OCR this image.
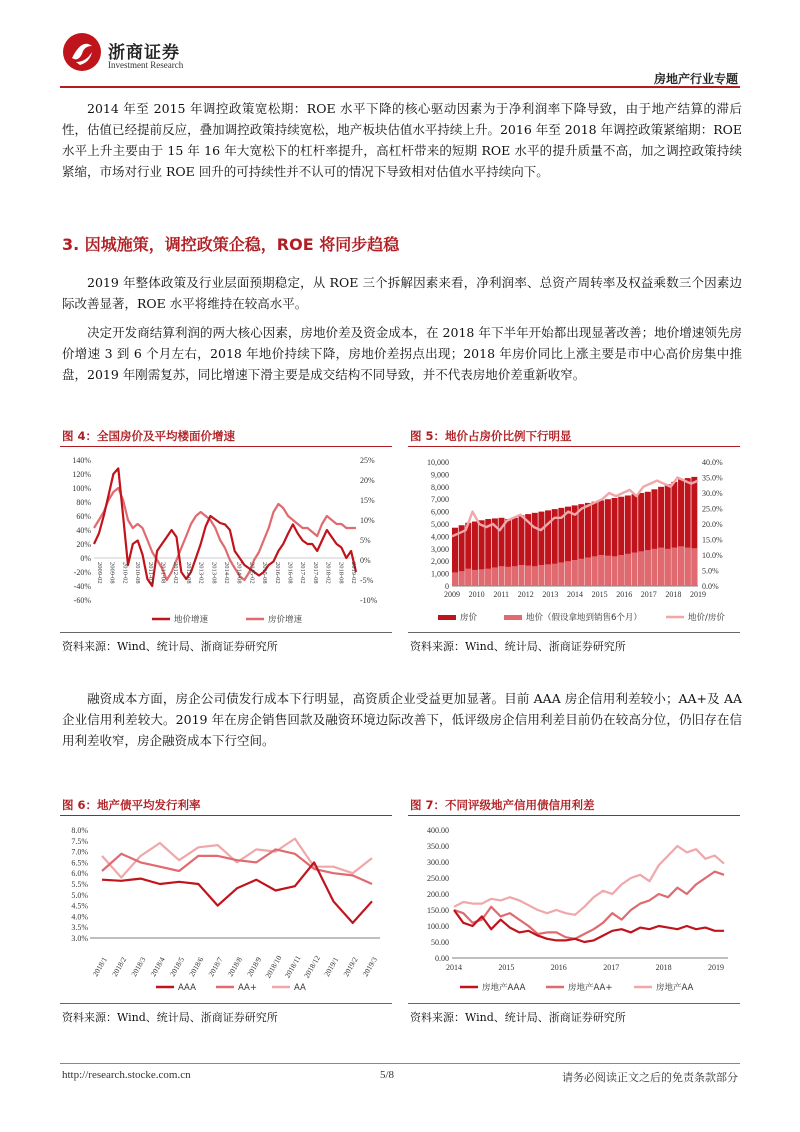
浙商证券
Investment Research
房地产行业专题
2014 年至 2015 年调控政策宽松期：ROE 水平下降的核心驱动因素为于净利润率下降导致，由于地产结算的滞后性，估值已经提前反应，叠加调控政策持续宽松，地产板块估值水平持续上升。2016 年至 2018 年调控政策紧缩期：ROE 水平上升主要由于 15 年 16 年大宽松下的杠杆率提升，高杠杆带来的短期 ROE 水平的提升质量不高，加之调控政策持续紧缩，市场对行业 ROE 回升的可持续性并不认可的情况下导致相对估值水平持续向下。
3. 因城施策，调控政策企稳，ROE 将同步趋稳
2019 年整体政策及行业层面预期稳定，从 ROE 三个拆解因素来看，净利润率、总资产周转率及权益乘数三个因素边际改善显著，ROE 水平将维持在较高水平。
决定开发商结算利润的两大核心因素，房地价差及资金成本，在 2018 年下半年开始都出现显著改善；地价增速领先房价增速 3 到 6 个月左右，2018 年地价持续下降，房地价差拐点出现；2018 年房价同比上涨主要是市中心高价房集中推盘，2019 年刚需复苏，同比增速下滑主要是成交结构不同导致，并不代表房地价差重新收窄。
图 4：全国房价及平均楼面价增速
140%
120%
100%
80%
60%
40%
20%
0%
-20%
-40%
-60%
25%
20%
15%
10%
5%
0%
-5%
-10%
2009-02 2009-08 2010-02 2010-08 2011-02 2011-08 2012-02 2012-08 2013-02 2013-08 2014-02 2014-08 2015-02 2015-08 2016-02 2016-08 2017-02 2017-08 2018-02 2018-08 2019-02
地价增速	房价增速
资料来源：Wind、统计局、浙商证券研究所
图 5：地价占房价比例下行明显
10,000
9,000
8,000
7,000
6,000
5,000
4,000
3,000
2,000
1,000
0
40.0%
35.0%
30.0%
25.0%
20.0%
15.0%
10.0%
5.0%
0.0%
2009 2010 2011 2012 2013 2014 2015 2016 2017 2018 2019
房价	地价（假设拿地到销售6个月）	地价/房价
资料来源：Wind、统计局、浙商证券研究所
融资成本方面，房企公司债发行成本下行明显，高资质企业受益更加显著。目前 AAA 房企信用利差较小；AA+及 AA 企业信用利差较大。2019 年在房企销售回款及融资环境边际改善下，低评级房企信用利差目前仍在较高分位，仍旧存在信用利差收窄，房企融资成本下行空间。
图 6：地产债平均发行利率
8.0%
7.5%
7.0%
6.5%
6.0%
5.5%
5.0%
4.5%
4.0%
3.5%
3.0%
2018/1 2018/2 2018/3 2018/4 2018/5 2018/6 2018/7 2018/8 2018/9 2018/10 2018/11 2018/12 2019/1 2019/2 2019/3
AAA	AA+	AA
资料来源：Wind、统计局、浙商证券研究所
图 7：不同评级地产信用债信用利差
400.00
350.00
300.00
250.00
200.00
150.00
100.00
50.00
0.00
2014	2015	2016	2017	2018	2019
房地产AAA	房地产AA+	房地产AA
资料来源：Wind、统计局、浙商证券研究所
http://research.stocke.com.cn	5/8	请务必阅读正文之后的免责条款部分
